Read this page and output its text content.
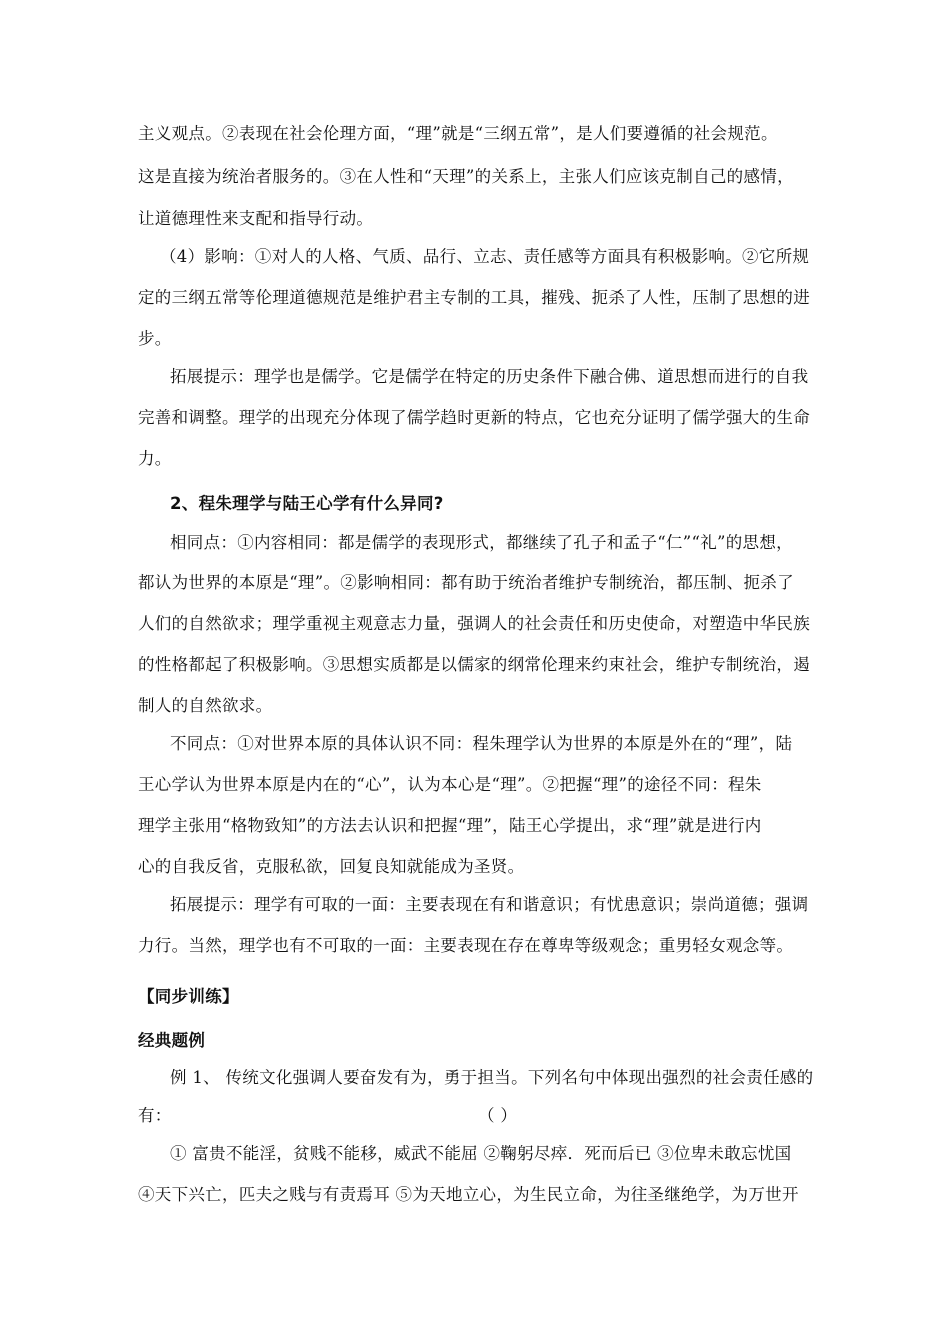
主义观点。②表现在社会伦理方面，“理”就是“三纲五常”，是人们要遵循的社会规范。
这是直接为统治者服务的。③在人性和“天理”的关系上，主张人们应该克制自己的感情，
让道德理性来支配和指导行动。
（4）影响：①对人的人格、气质、品行、立志、责任感等方面具有积极影响。②它所规
定的三纲五常等伦理道德规范是维护君主专制的工具，摧残、扼杀了人性，压制了思想的进
步。
拓展提示：理学也是儒学。它是儒学在特定的历史条件下融合佛、道思想而进行的自我
完善和调整。理学的出现充分体现了儒学趋时更新的特点，它也充分证明了儒学强大的生命
力。
2、程朱理学与陆王心学有什么异同?
相同点：①内容相同：都是儒学的表现形式，都继续了孔子和孟子“仁”“礼”的思想，
都认为世界的本原是“理”。②影响相同：都有助于统治者维护专制统治，都压制、扼杀了
人们的自然欲求；理学重视主观意志力量，强调人的社会责任和历史使命，对塑造中华民族
的性格都起了积极影响。③思想实质都是以儒家的纲常伦理来约束社会，维护专制统治，遏
制人的自然欲求。
不同点：①对世界本原的具体认识不同：程朱理学认为世界的本原是外在的“理”，陆
王心学认为世界本原是内在的“心”，认为本心是“理”。②把握“理”的途径不同：程朱
理学主张用“格物致知”的方法去认识和把握“理”，陆王心学提出，求“理”就是进行内
心的自我反省，克服私欲，回复良知就能成为圣贤。
拓展提示：理学有可取的一面：主要表现在有和谐意识；有忧患意识；崇尚道德；强调
力行。当然，理学也有不可取的一面：主要表现在存在尊卑等级观念；重男轻女观念等。
【同步训练】
经典题例
例 1、 传统文化强调人要奋发有为，勇于担当。下列名句中体现出强烈的社会责任感的
有：	（ ）
① 富贵不能淫，贫贱不能移，威武不能屈 ②鞠躬尽瘁．死而后已 ③位卑未敢忘忧国
④天下兴亡，匹夫之贱与有责焉耳 ⑤为天地立心，为生民立命，为往圣继绝学，为万世开
